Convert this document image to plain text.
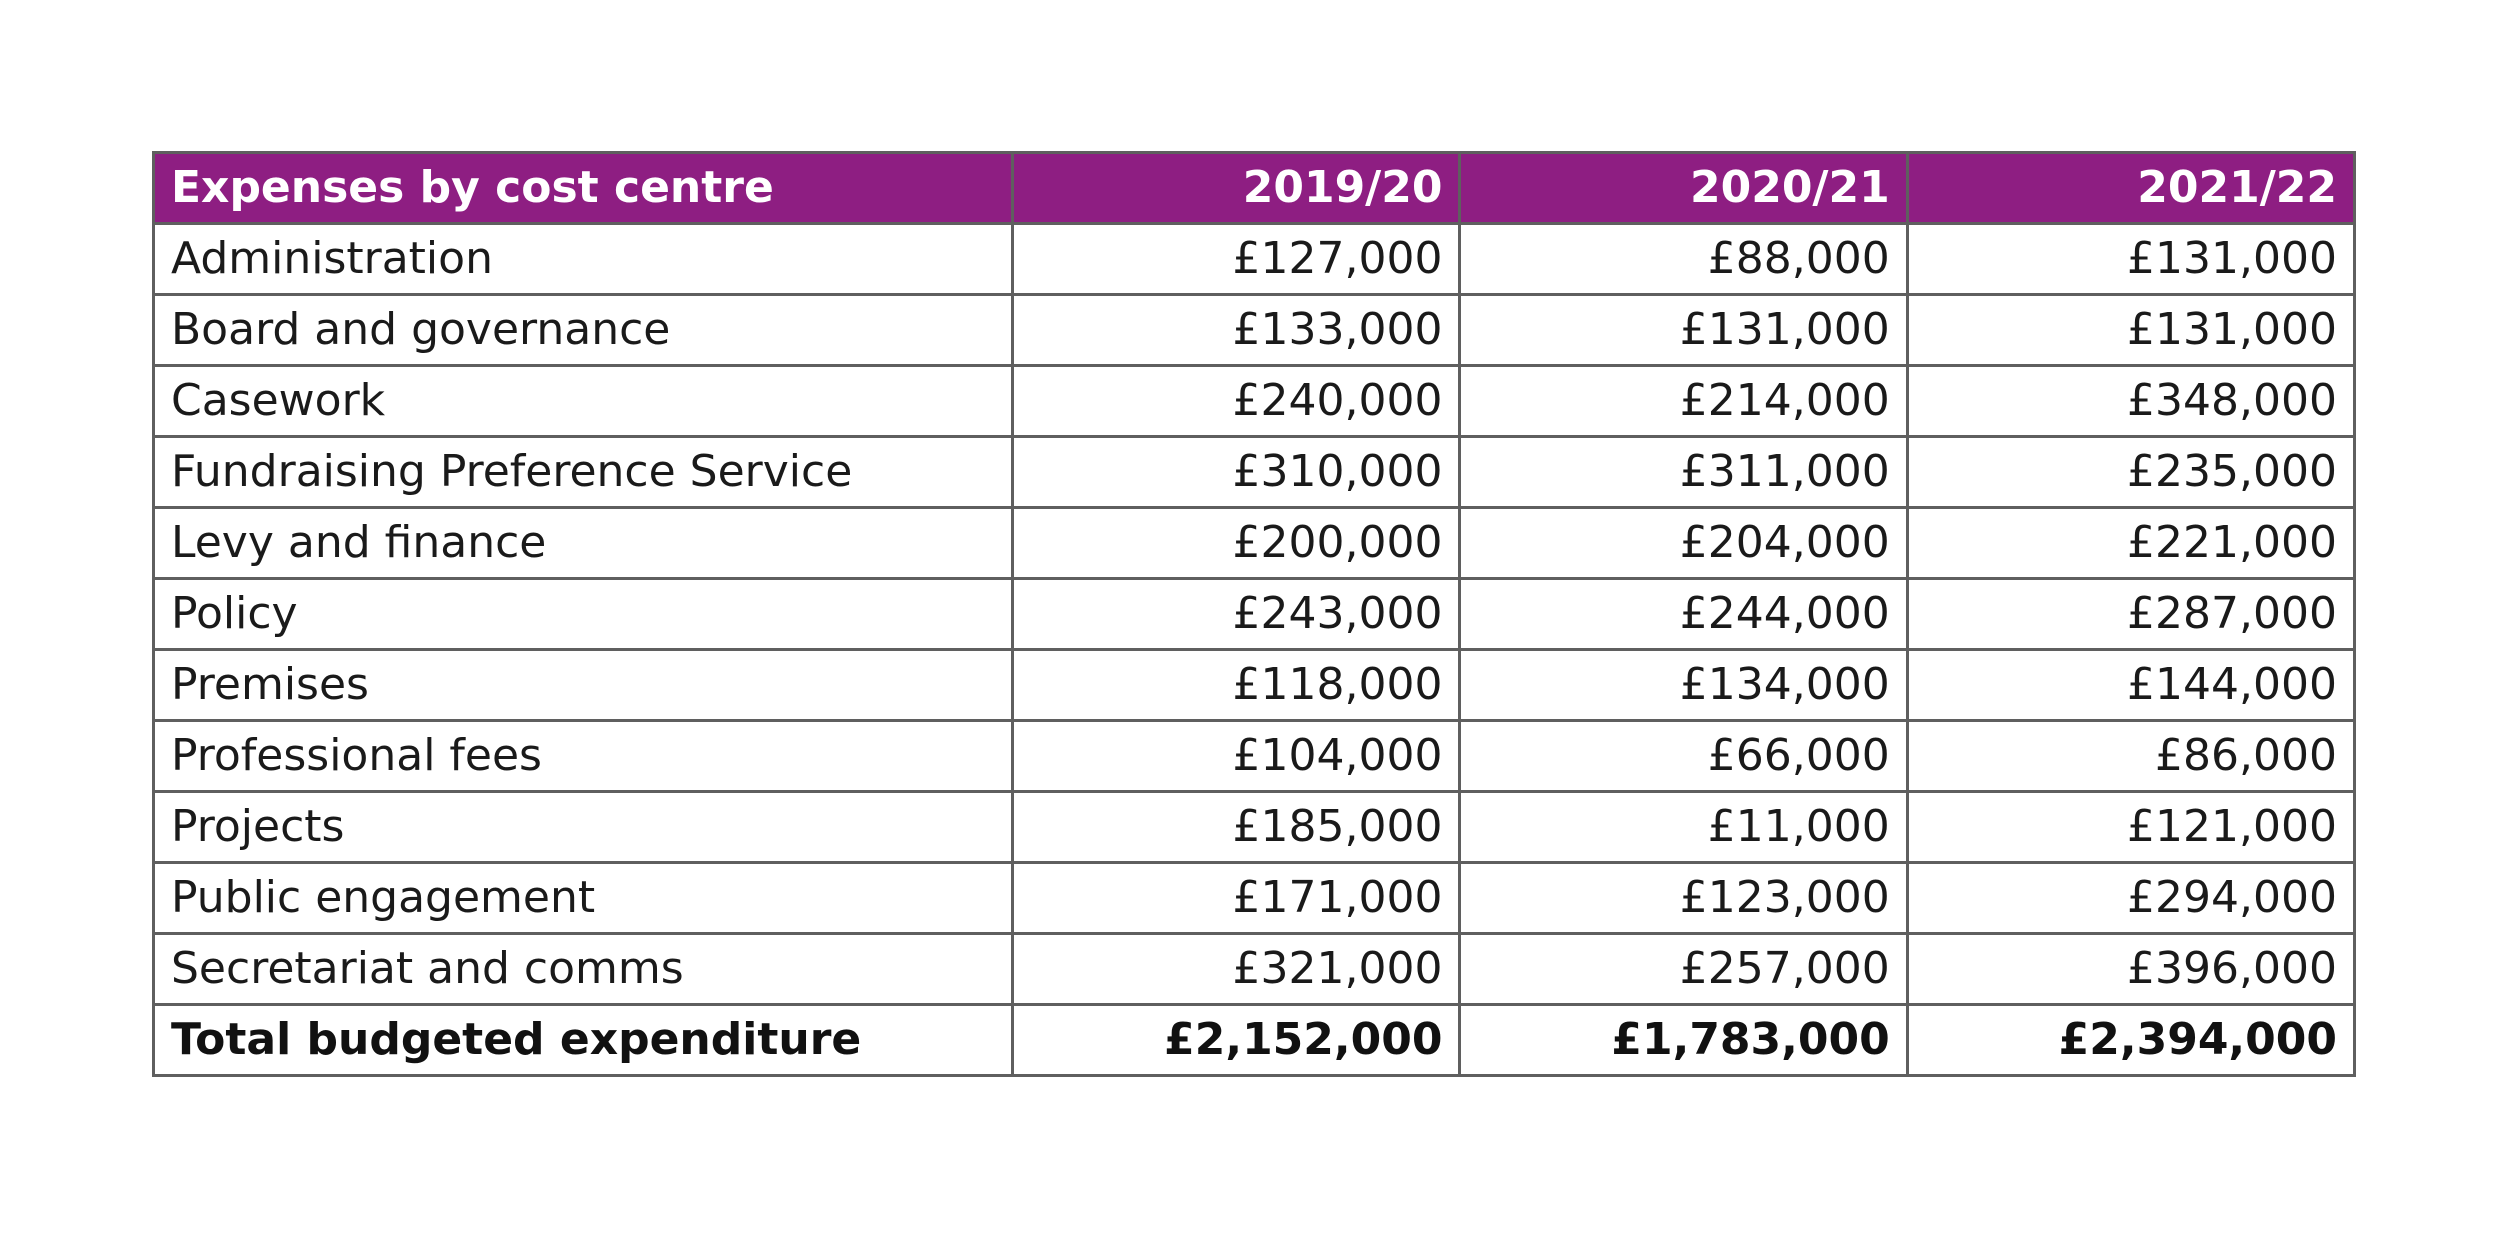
Expenses by cost centre	2019/20	2020/21	2021/22
Administration	£127,000	£88,000	£131,000
Board and governance	£133,000	£131,000	£131,000
Casework	£240,000	£214,000	£348,000
Fundraising Preference Service	£310,000	£311,000	£235,000
Levy and finance	£200,000	£204,000	£221,000
Policy	£243,000	£244,000	£287,000
Premises	£118,000	£134,000	£144,000
Professional fees	£104,000	£66,000	£86,000
Projects	£185,000	£11,000	£121,000
Public engagement	£171,000	£123,000	£294,000
Secretariat and comms	£321,000	£257,000	£396,000
Total budgeted expenditure	£2,152,000	£1,783,000	£2,394,000
